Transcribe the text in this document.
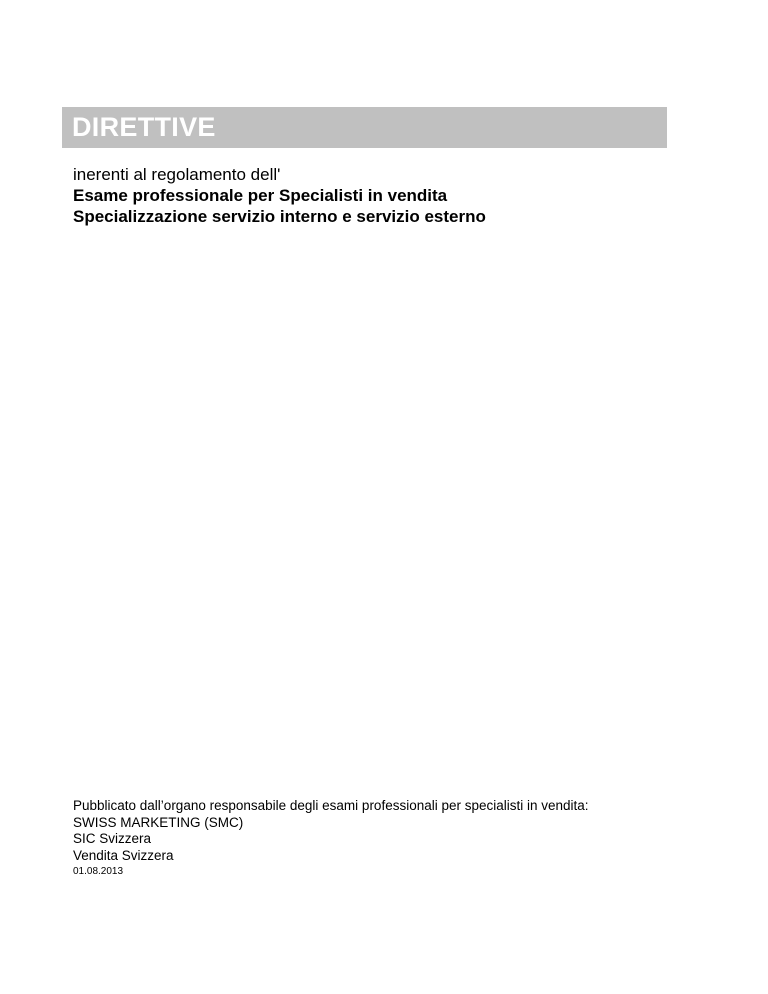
DIRETTIVE

inerenti al regolamento dell'

Esame professionale per Specialisti in vendita

Specializzazione servizio interno e servizio esterno

Pubblicato dall’organo responsabile degli esami professionali per specialisti in vendita:

SWISS MARKETING (SMC)

SIC Svizzera

Vendita Svizzera

01.08.2013
